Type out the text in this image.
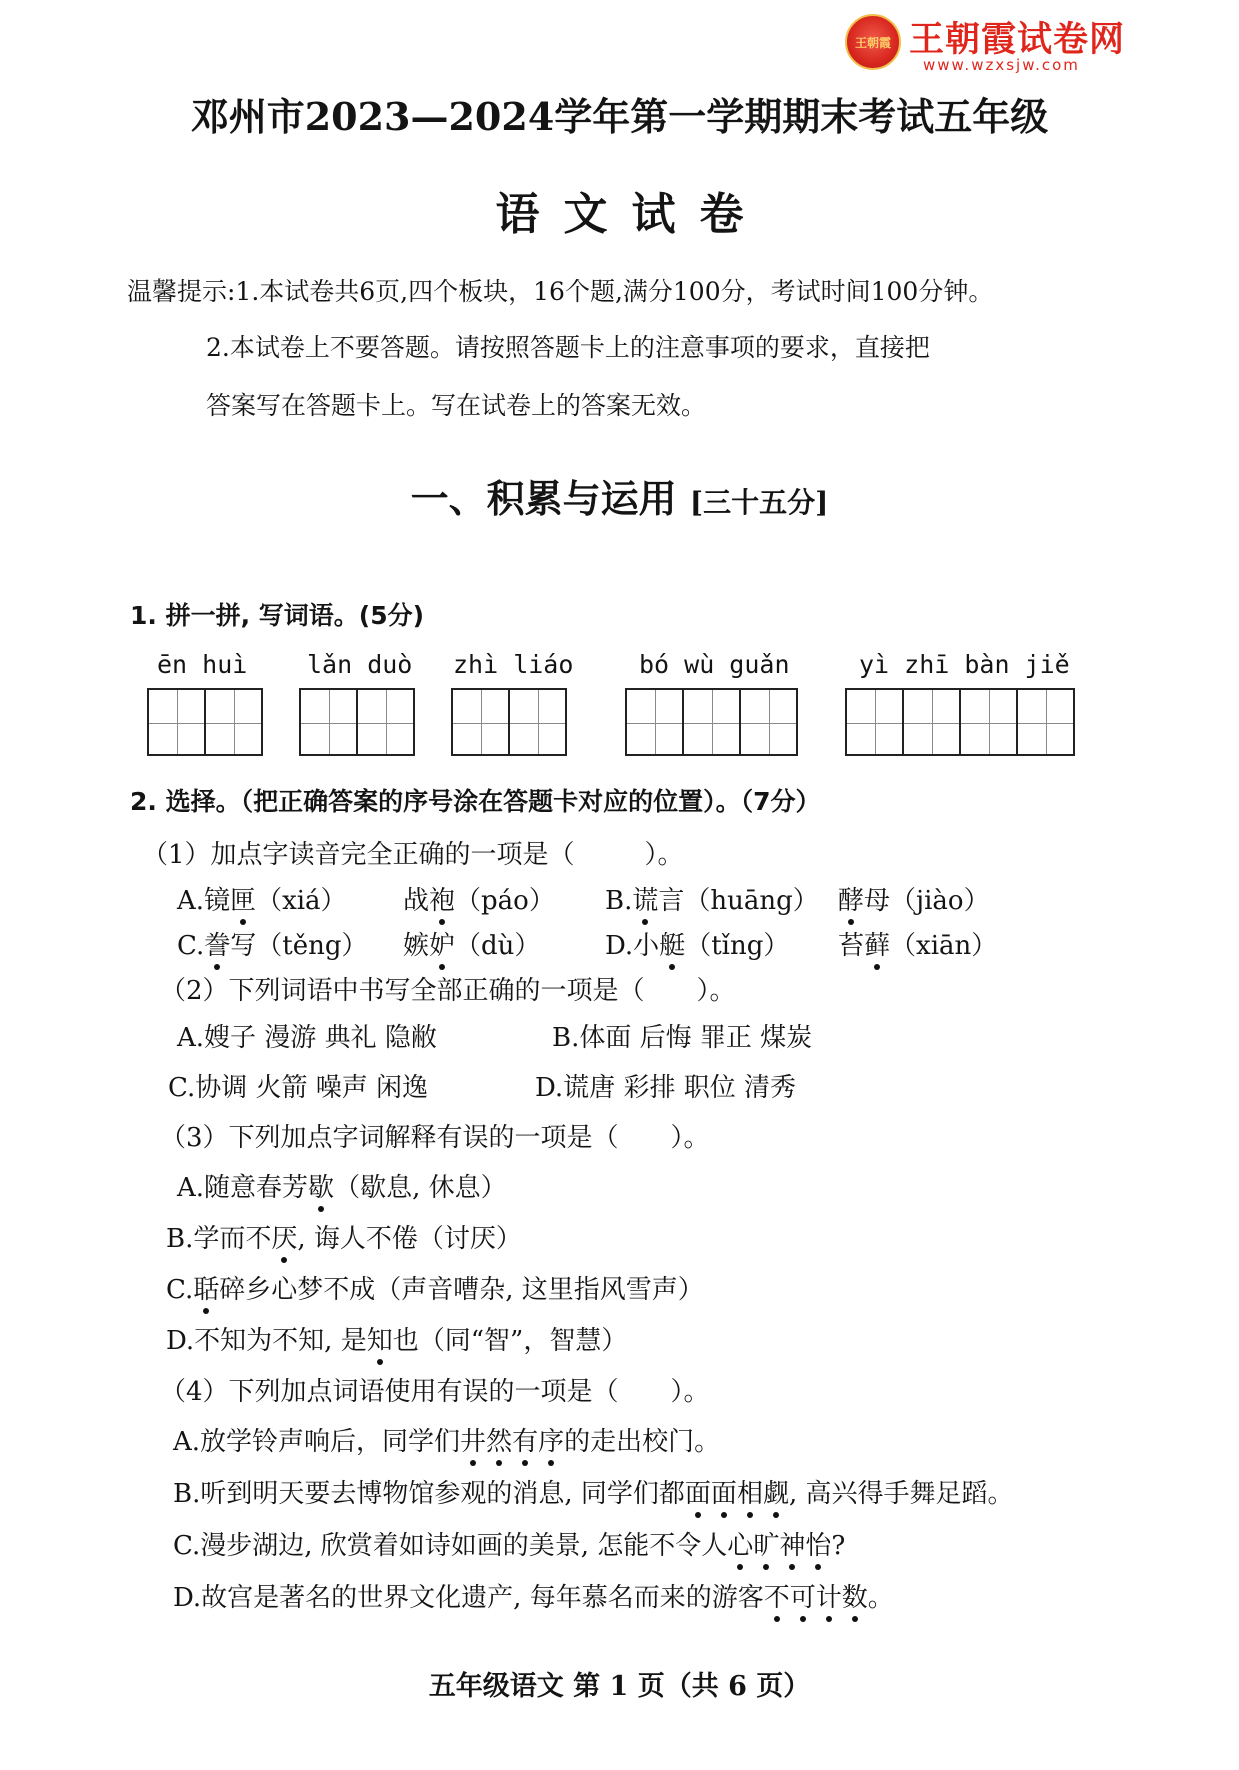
王朝霞 王朝霞试卷网
www.wzxsjw.com
邓州市2023—2024学年第一学期期末考试五年级
语文试卷
温馨提示:1.本试卷共6页,四个板块，16个题,满分100分，考试时间100分钟。
2.本试卷上不要答题。请按照答题卡上的注意事项的要求，直接把
答案写在答题卡上。写在试卷上的答案无效。
一、积累与运用 [三十五分]
1. 拼一拼, 写词语。(5分)
ēn huì lǎn duò zhì liáo	bó wù guǎn	yì zhī bàn jiě
2. 选择。（把正确答案的序号涂在答题卡对应的位置）。（7分）
（1）加点字读音完全正确的一项是（	）。
A.镜匣（xiá） 战袍（páo） B.谎言（huāng） 酵母（jiào）
C.誊写（těng） 嫉妒（dù） D.小艇（tǐng） 苔藓（xiān）
（2）下列词语中书写全部正确的一项是（　　）。
A.嫂子 漫游 典礼 隐敝	B.体面 后悔 罪正 煤炭
C.协调 火箭 噪声 闲逸	D.谎唐 彩排 职位 清秀
（3）下列加点字词解释有误的一项是（　　）。
A.随意春芳歇（歇息, 休息）
B.学而不厌, 诲人不倦（讨厌）
C.聒碎乡心梦不成（声音嘈杂, 这里指风雪声）
D.不知为不知, 是知也（同“智”，智慧）
（4）下列加点词语使用有误的一项是（　　）。
A.放学铃声响后，同学们井然有序的走出校门。
B.听到明天要去博物馆参观的消息, 同学们都面面相觑, 高兴得手舞足蹈。
C.漫步湖边, 欣赏着如诗如画的美景, 怎能不令人心旷神怡?
D.故宫是著名的世界文化遗产, 每年慕名而来的游客不可计数。
五年级语文 第 1 页（共 6 页）
